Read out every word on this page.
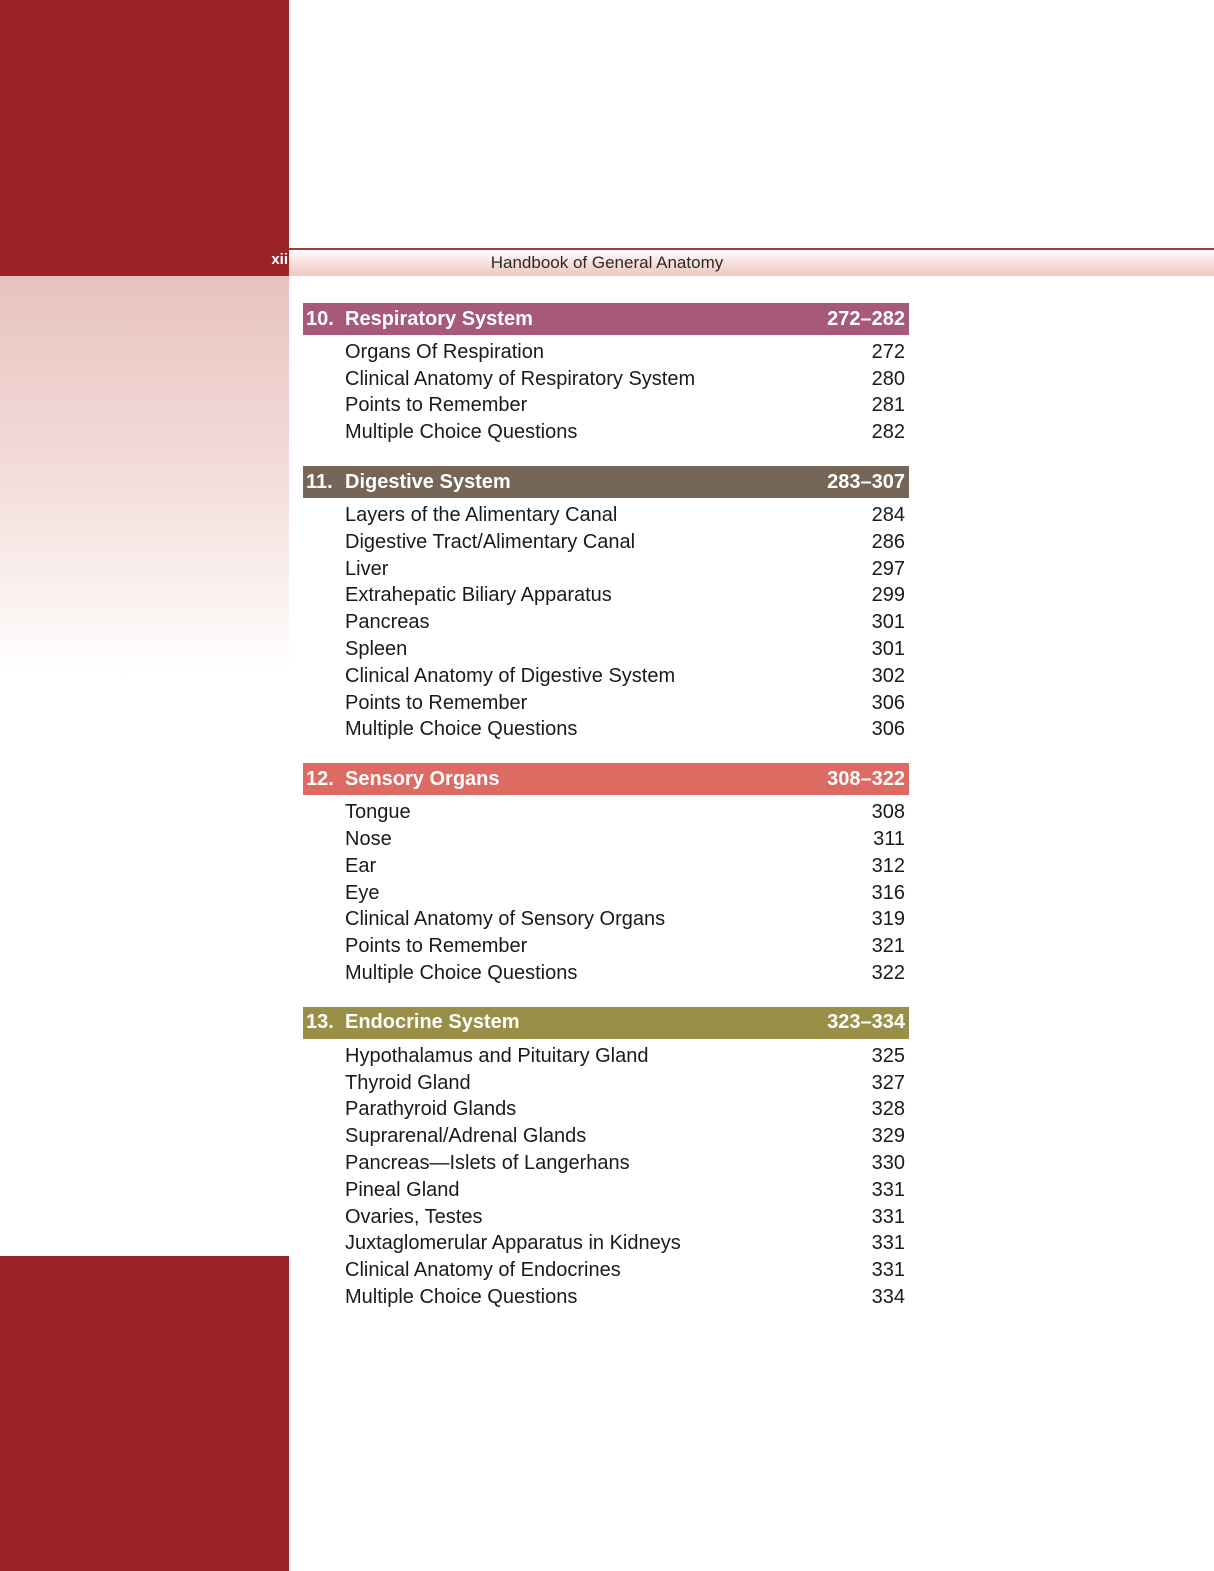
xii	Handbook of General Anatomy
10. Respiratory System	272–282
Organs Of Respiration	272
Clinical Anatomy of Respiratory System	280
Points to Remember	281
Multiple Choice Questions	282
11. Digestive System	283–307
Layers of the Alimentary Canal	284
Digestive Tract/Alimentary Canal	286
Liver	297
Extrahepatic Biliary Apparatus	299
Pancreas	301
Spleen	301
Clinical Anatomy of Digestive System	302
Points to Remember	306
Multiple Choice Questions	306
12. Sensory Organs	308–322
Tongue	308
Nose	311
Ear	312
Eye	316
Clinical Anatomy of Sensory Organs	319
Points to Remember	321
Multiple Choice Questions	322
13. Endocrine System	323–334
Hypothalamus and Pituitary Gland	325
Thyroid Gland	327
Parathyroid Glands	328
Suprarenal/Adrenal Glands	329
Pancreas—Islets of Langerhans	330
Pineal Gland	331
Ovaries, Testes	331
Juxtaglomerular Apparatus in Kidneys	331
Clinical Anatomy of Endocrines	331
Multiple Choice Questions	334
